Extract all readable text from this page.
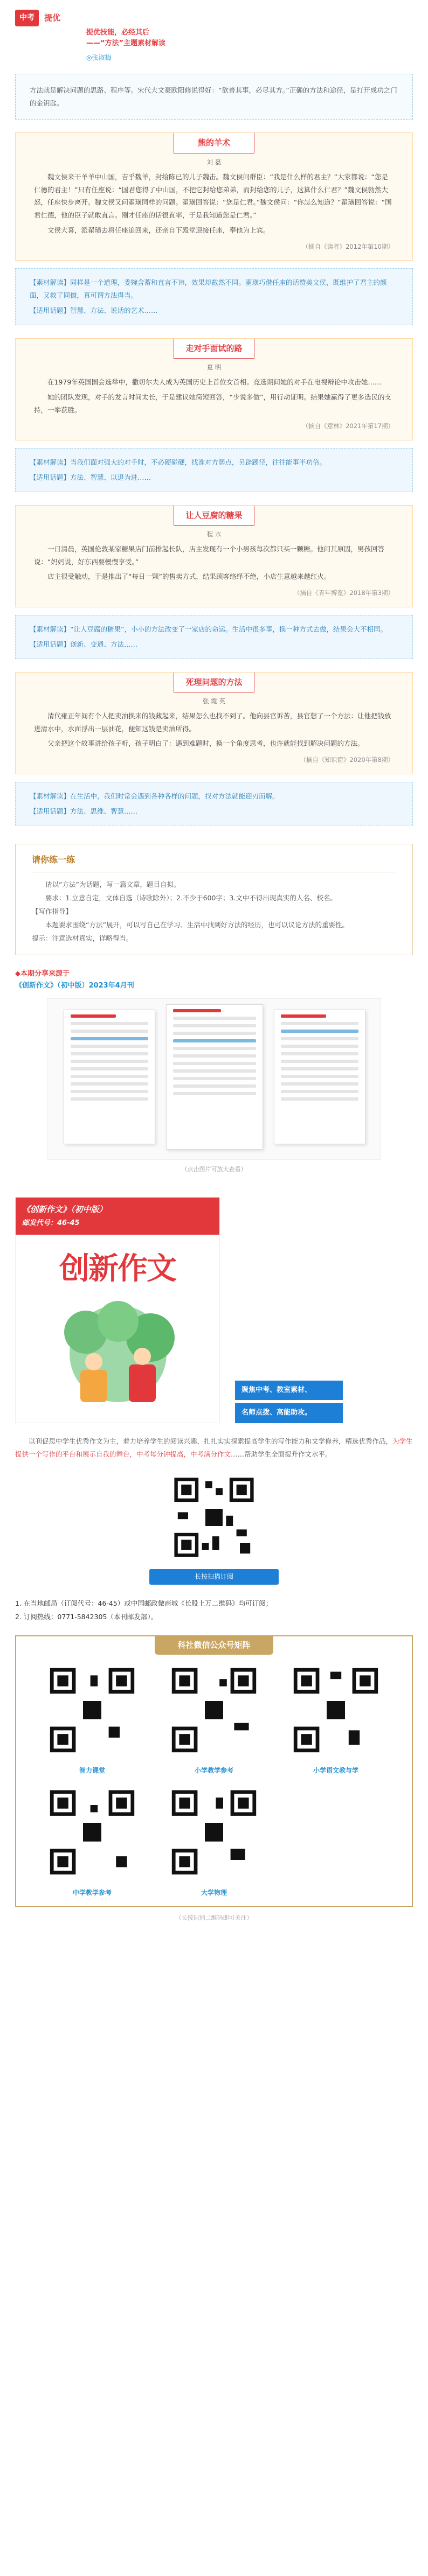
中考	提优
提优技能，必经其后
——“方法”主题素材解读
◎张淑梅
方法就是解决问题的思路、程序等。宋代大文豪欧阳修说得好：“欲善其事，必尽其方。”正确的方法和途径，是打开成功之门的金钥匙。
熊的羊术
刘 磊

魏文侯来干羊羊中山国，吉乎魏羊，封给陈已的儿子魏击。魏文侯问群臣：“我是什么样的君主？”大家都说：“您是仁德的君主！”只有任座说：“国君您得了中山国，不把它封给您弟弟，而封给您的儿子，这算什么仁君？”魏文侯勃然大怒，任座快步离开。魏文侯又问翟璜同样的问题。翟璜回答说：“您是仁君。”魏文侯问：“你怎么知道？”翟璜回答说：“国君仁德，他的臣子就敢直言。刚才任座的话很直率，于是我知道您是仁君。”

文侯大喜，派翟璜去将任座追回来，还亲自下殿堂迎接任座，奉他为上宾。

（摘自《读者》2012年第10期）

【素材解读】同样是一个道理，委婉含蓄和直言不讳，效果却截然不同。翟璜巧借任座的话赞美文侯，既维护了君主的颜面，又救了同僚，真可谓方法得当。

【适用话题】智慧、方法、说话的艺术……

走对手面试的路
夏 明

在1979年英国国会选举中，撒切尔夫人成为英国历史上首位女首相。竞选期间她的对手在电视辩论中攻击她……

她的团队发现，对手的发言时间太长，于是建议她简短回答，“少说多做”，用行动证明。结果她赢得了更多选民的支持，一举获胜。

（摘自《意林》2021年第17期）

【素材解读】当我们面对强大的对手时，不必硬碰硬，找准对方弱点，另辟蹊径，往往能事半功倍。

【适用话题】方法、智慧、以退为进……

让人豆腐的糖果
程 水

一日清晨，英国伦敦某家糖果店门前排起长队，店主发现有一个小男孩每次都只买一颗糖。他问其原因，男孩回答说：“妈妈说，好东西要慢慢享受。”

店主很受触动，于是推出了“每日一颗”的售卖方式，结果顾客络绎不绝，小店生意越来越红火。

（摘自《青年博览》2018年第3期）

【素材解读】“让人豆腐的糖果”，小小的方法改变了一家店的命运。生活中很多事，换一种方式去做，结果会大不相同。

【适用话题】创新、变通、方法……

死理问题的方法
张 霞 英

清代雍正年间有个人把卖油换来的钱藏起来，结果怎么也找不到了。他向县官诉苦，县官想了一个方法：让他把钱放进清水中，水面浮出一层油花，便知这钱是卖油所得。

父亲把这个故事讲给孩子听，孩子明白了：遇到难题时，换一个角度思考，也许就能找到解决问题的方法。

（摘自《知识窗》2020年第8期）

【素材解读】在生活中，我们时常会遇到各种各样的问题，找对方法就能迎刃而解。

【适用话题】方法、思维、智慧……

请你练一练
请以“方法”为话题，写一篇文章，题目自拟。
要求：1.立意自定，文体自选（诗歌除外）；2.不少于600字；3.文中不得出现真实的人名、校名。
【写作指导】
本题要求围绕“方法”展开，可以写自己在学习、生活中找到好方法的经历，也可以议论方法的重要性。
提示：注意选材真实，详略得当。
◆本期分享来源于
《创新作文》（初中版）2023年4月刊
（点击图片可放大查看）
《创新作文》（初中版）
邮发代号：46-45
创新作文
聚焦中考、教室素材、
名师点拨、高能助攻。
以刊促思中学生优秀作文为主，着力培养学生的阅读兴趣，扎扎实实探索提高学生的写作能力和文学修养，精选优秀作品，为学生提供一个写作的平台和展示自我的舞台，中考每分钟提高，中考满分作文……帮助学生全面提升作文水平。
长按扫描订阅
1. 在当地邮局（订阅代号：46-45）或中国邮政微商城《长股上万二维码》均可订阅；
2. 订阅热线：0771-5842305（本刊邮发部）。
科社微信公众号矩阵
智力课堂	小学教学参考	小学语文教与学
中学教学参考	大学物理
（长按识别二维码即可关注）
